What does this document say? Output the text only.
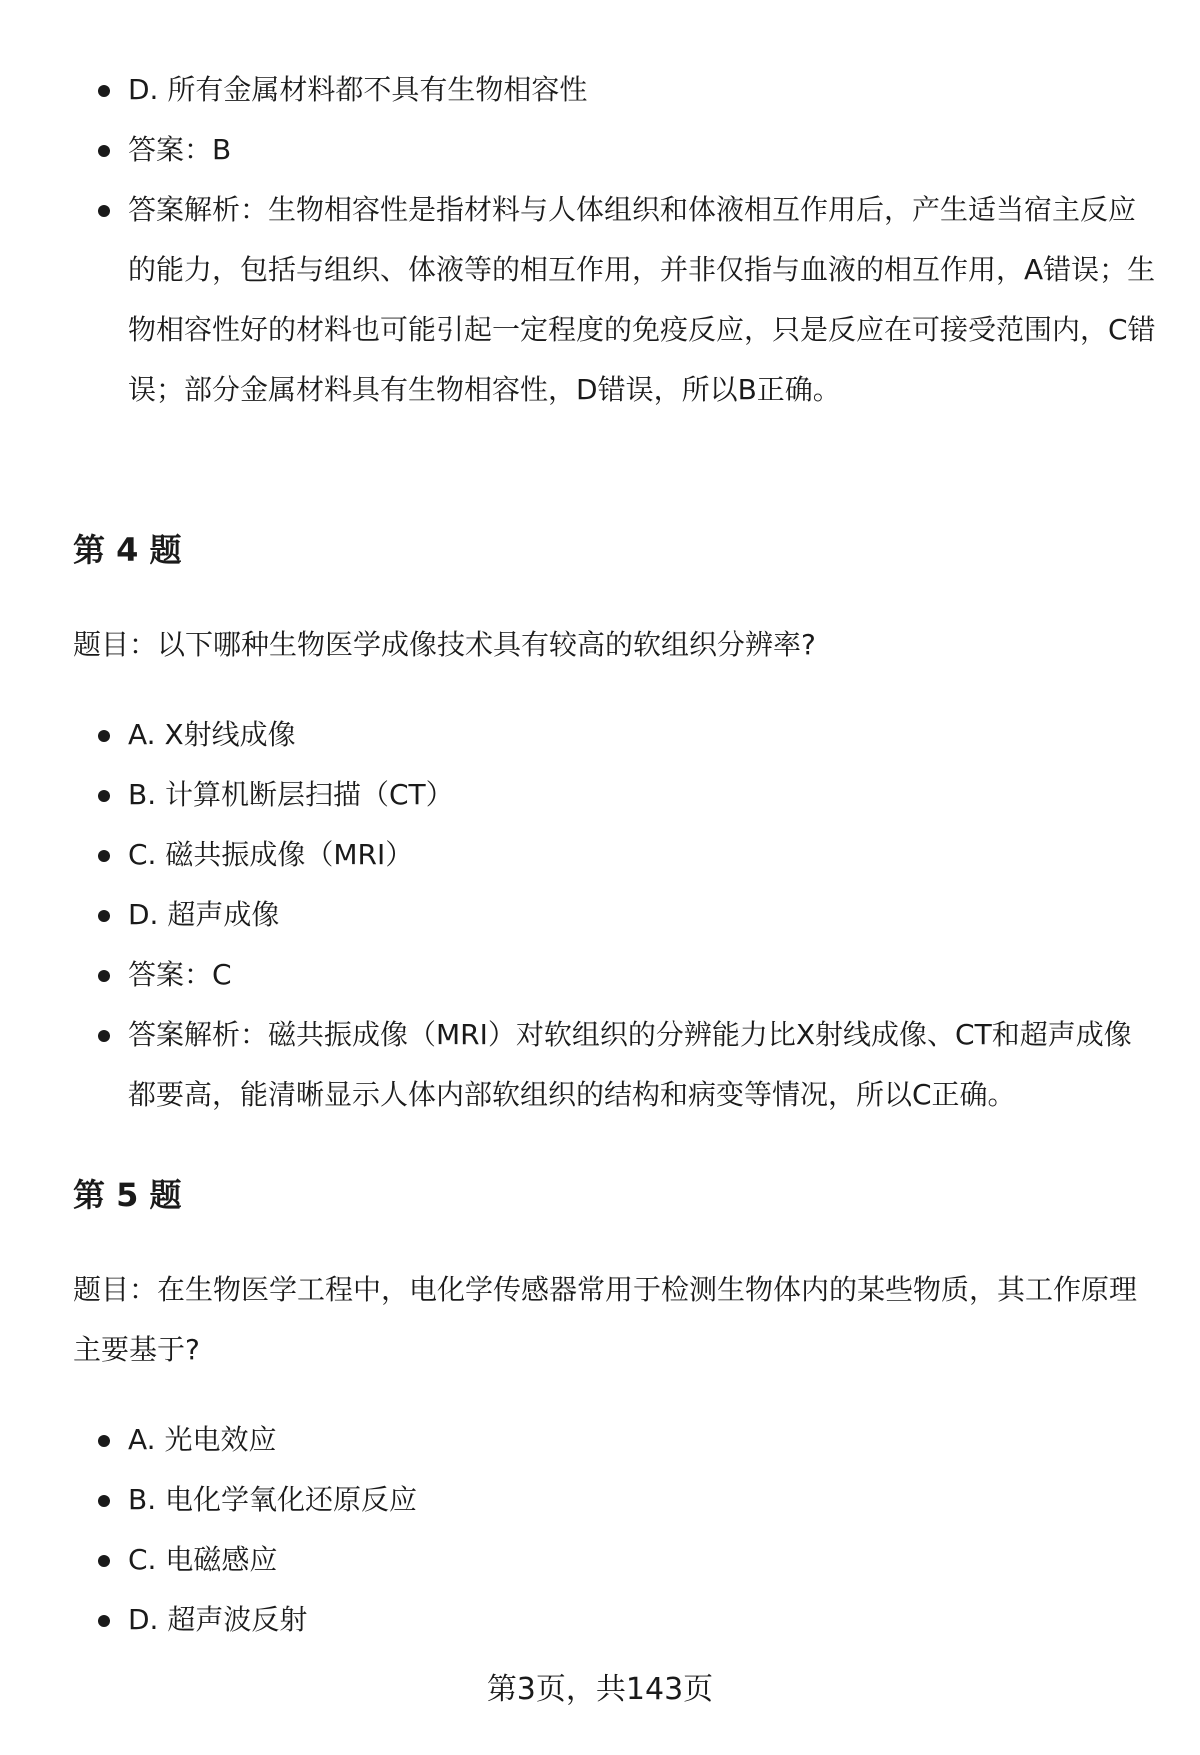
D. 所有金属材料都不具有生物相容性
答案：B
答案解析：生物相容性是指材料与人体组织和体液相互作用后，产生适当宿主反应的能力，包括与组织、体液等的相互作用，并非仅指与血液的相互作用，A错误；生物相容性好的材料也可能引起一定程度的免疫反应，只是反应在可接受范围内，C错误；部分金属材料具有生物相容性，D错误，所以B正确。
第 4 题

题目：以下哪种生物医学成像技术具有较高的软组织分辨率?

A. X射线成像
B. 计算机断层扫描（CT）
C. 磁共振成像（MRI）
D. 超声成像
答案：C
答案解析：磁共振成像（MRI）对软组织的分辨能力比X射线成像、CT和超声成像都要高，能清晰显示人体内部软组织的结构和病变等情况，所以C正确。
第 5 题

题目：在生物医学工程中，电化学传感器常用于检测生物体内的某些物质，其工作原理主要基于?

A. 光电效应
B. 电化学氧化还原反应
C. 电磁感应
D. 超声波反射
第3页，共143页
